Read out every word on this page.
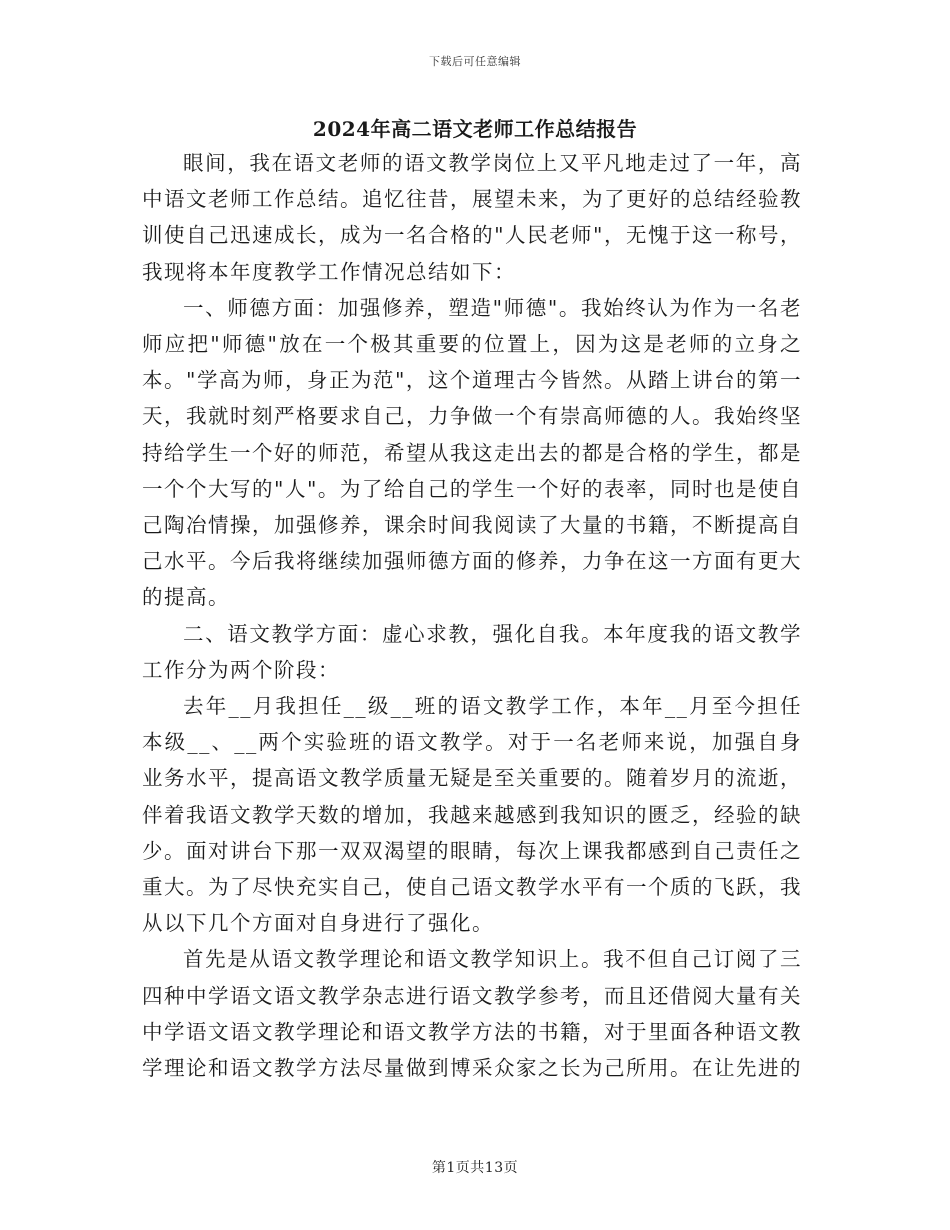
下载后可任意编辑
2024年高二语文老师工作总结报告

眼间，我在语文老师的语文教学岗位上又平凡地走过了一年，高中语文老师工作总结。追忆往昔，展望未来，为了更好的总结经验教训使自己迅速成长，成为一名合格的"人民老师"，无愧于这一称号，我现将本年度教学工作情况总结如下：

一、师德方面：加强修养，塑造"师德"。我始终认为作为一名老师应把"师德"放在一个极其重要的位置上，因为这是老师的立身之本。"学高为师，身正为范"，这个道理古今皆然。从踏上讲台的第一天，我就时刻严格要求自己，力争做一个有崇高师德的人。我始终坚持给学生一个好的师范，希望从我这走出去的都是合格的学生，都是一个个大写的"人"。为了给自己的学生一个好的表率，同时也是使自己陶冶情操，加强修养，课余时间我阅读了大量的书籍，不断提高自己水平。今后我将继续加强师德方面的修养，力争在这一方面有更大的提高。

二、语文教学方面：虚心求教，强化自我。本年度我的语文教学工作分为两个阶段：

去年__月我担任__级__班的语文教学工作，本年__月至今担任本级__、__两个实验班的语文教学。对于一名老师来说，加强自身业务水平，提高语文教学质量无疑是至关重要的。随着岁月的流逝，伴着我语文教学天数的增加，我越来越感到我知识的匮乏，经验的缺少。面对讲台下那一双双渴望的眼睛，每次上课我都感到自己责任之重大。为了尽快充实自己，使自己语文教学水平有一个质的飞跃，我从以下几个方面对自身进行了强化。

首先是从语文教学理论和语文教学知识上。我不但自己订阅了三四种中学语文语文教学杂志进行语文教学参考，而且还借阅大量有关中学语文语文教学理论和语文教学方法的书籍，对于里面各种语文教学理论和语文教学方法尽量做到博采众家之长为己所用。在让先进的

第1页共13页
